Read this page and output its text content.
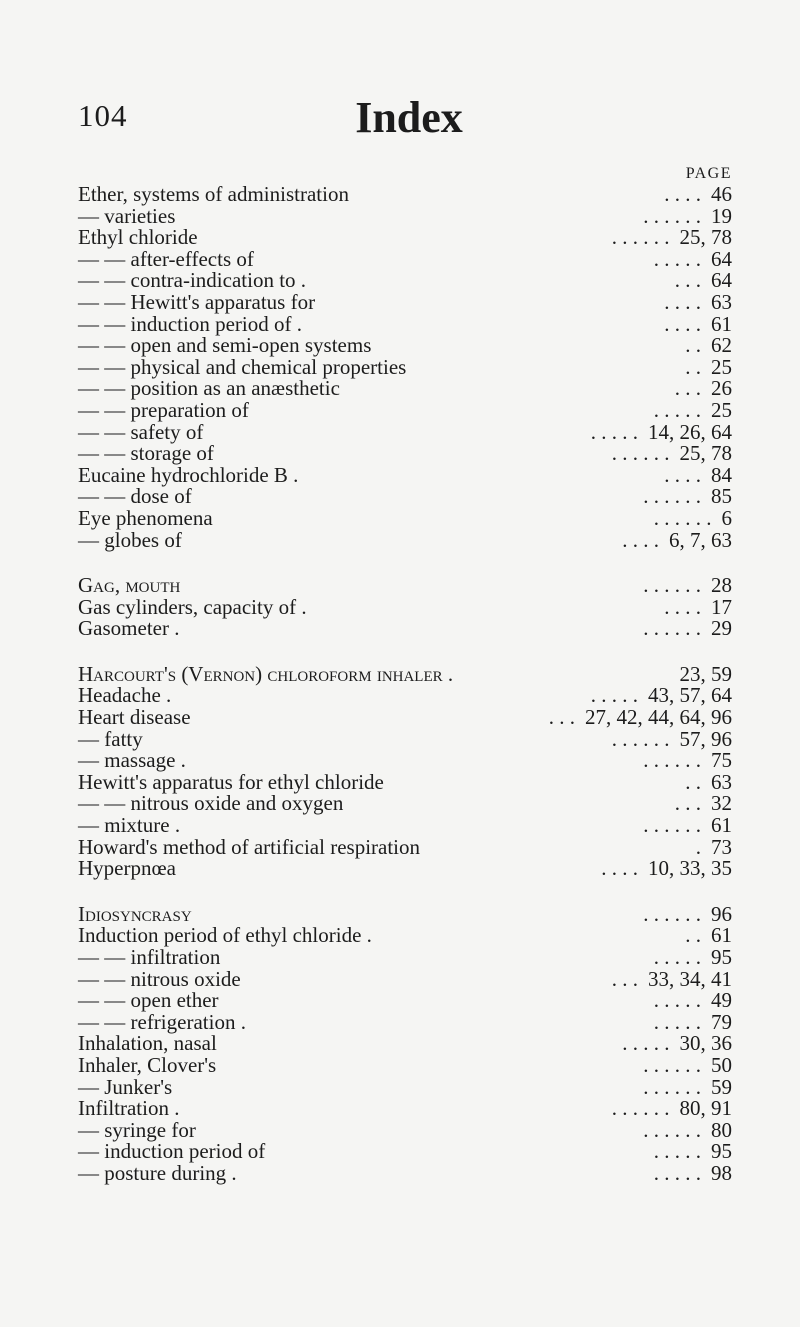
104	Index
PAGE
Ether, systems of administration	. . . . 46
— varieties	. . . . . . 19
Ethyl chloride	. . . . . . 25, 78
— — after-effects of	. . . . . 64
— — contra-indication to .	. . . 64
— — Hewitt's apparatus for	. . . . 63
— — induction period of .	. . . . 61
— — open and semi-open systems	. . 62
— — physical and chemical properties	. . 25
— — position as an anæsthetic	. . . 26
— — preparation of	. . . . . 25
— — safety of	. . . . . 14, 26, 64
— — storage of	. . . . . . 25, 78
Eucaine hydrochloride B .	. . . . 84
— — dose of	. . . . . . 85
Eye phenomena	. . . . . . 6
— globes of	. . . . 6, 7, 63
Gag, mouth	. . . . . . 28
Gas cylinders, capacity of .	. . . . 17
Gasometer .	. . . . . . 29
Harcourt's (Vernon) chloroform inhaler .	23, 59
Headache .	. . . . . 43, 57, 64
Heart disease	. . . 27, 42, 44, 64, 96
— fatty	. . . . . . 57, 96
— massage .	. . . . . . 75
Hewitt's apparatus for ethyl chloride	. . 63
— — nitrous oxide and oxygen	. . . 32
— mixture .	. . . . . . 61
Howard's method of artificial respiration	. 73
Hyperpnœa	. . . . 10, 33, 35
Idiosyncrasy	. . . . . . 96
Induction period of ethyl chloride .	. . 61
— — infiltration	. . . . . 95
— — nitrous oxide	. . . 33, 34, 41
— — open ether	. . . . . 49
— — refrigeration .	. . . . . 79
Inhalation, nasal	. . . . . 30, 36
Inhaler, Clover's	. . . . . . 50
— Junker's	. . . . . . 59
Infiltration .	. . . . . . 80, 91
— syringe for	. . . . . . 80
— induction period of	. . . . . 95
— posture during .	. . . . . 98
